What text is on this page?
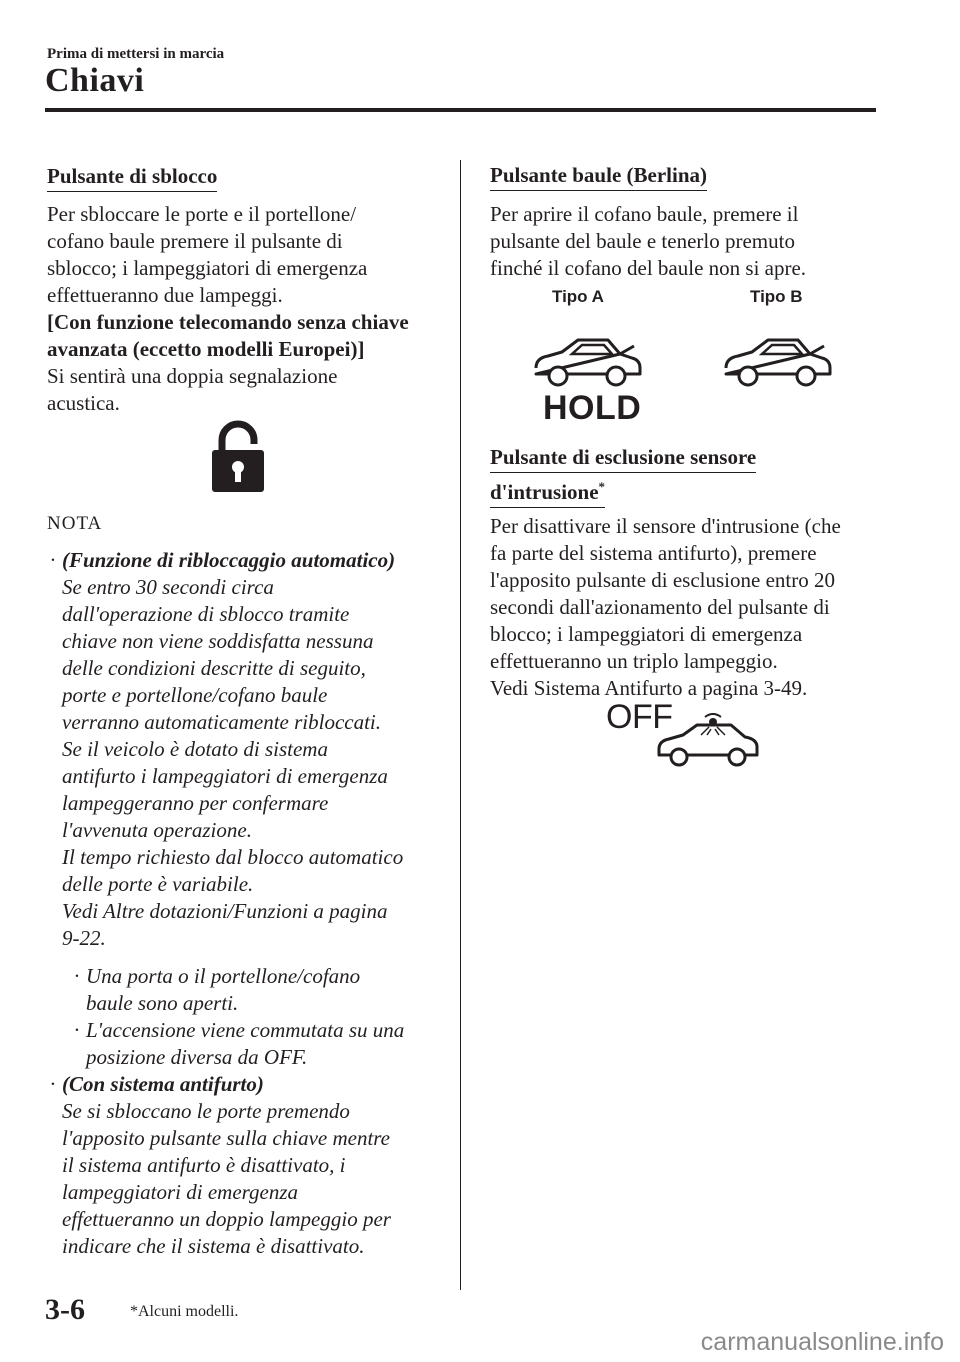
Prima di mettersi in marcia
Chiavi
Pulsante di sblocco
Per sbloccare le porte e il portellone/
cofano baule premere il pulsante di
sblocco; i lampeggiatori di emergenza
effettueranno due lampeggi.
[Con funzione telecomando senza chiave
avanzata (eccetto modelli Europei)]
Si sentirà una doppia segnalazione
acustica.
NOTA
· (Funzione di ribloccaggio automatico)
Se entro 30 secondi circa
dall'operazione di sblocco tramite
chiave non viene soddisfatta nessuna
delle condizioni descritte di seguito,
porte e portellone/cofano baule
verranno automaticamente ribloccati.
Se il veicolo è dotato di sistema
antifurto i lampeggiatori di emergenza
lampeggeranno per confermare
l'avvenuta operazione.
Il tempo richiesto dal blocco automatico
delle porte è variabile.
Vedi Altre dotazioni/Funzioni a pagina
9-22.
· Una porta o il portellone/cofano
baule sono aperti.
· L'accensione viene commutata su una
posizione diversa da OFF.
· (Con sistema antifurto)
Se si sbloccano le porte premendo
l'apposito pulsante sulla chiave mentre
il sistema antifurto è disattivato, i
lampeggiatori di emergenza
effettueranno un doppio lampeggio per
indicare che il sistema è disattivato.
Pulsante baule (Berlina)
Per aprire il cofano baule, premere il
pulsante del baule e tenerlo premuto
finché il cofano del baule non si apre.
Tipo A	Tipo B
HOLD
Pulsante di esclusione sensore
d'intrusione*
Per disattivare il sensore d'intrusione (che
fa parte del sistema antifurto), premere
l'apposito pulsante di esclusione entro 20
secondi dall'azionamento del pulsante di
blocco; i lampeggiatori di emergenza
effettueranno un triplo lampeggio.
Vedi Sistema Antifurto a pagina 3-49.
OFF
3-6	*Alcuni modelli.
carmanualsonline.info
